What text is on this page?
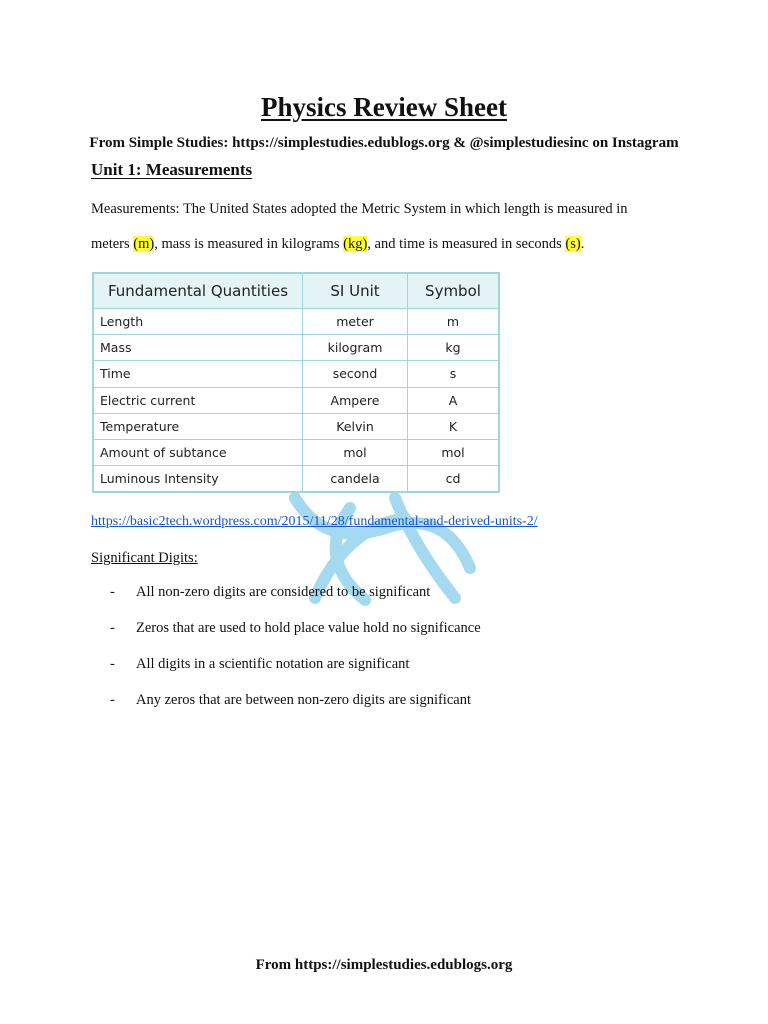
Physics Review Sheet
From Simple Studies: https://simplestudies.edublogs.org & @simplestudiesinc on Instagram
Unit 1: Measurements
Measurements: The United States adopted the Metric System in which length is measured in
meters (m), mass is measured in kilograms (kg), and time is measured in seconds (s).
Fundamental Quantities	SI Unit	Symbol
Length	meter	m
Mass	kilogram	kg
Time	second	s
Electric current	Ampere	A
Temperature	Kelvin	K
Amount of subtance	mol	mol
Luminous Intensity	candela	cd
https://basic2tech.wordpress.com/2015/11/28/fundamental-and-derived-units-2/
Significant Digits:
-	All non-zero digits are considered to be significant
-	Zeros that are used to hold place value hold no significance
-	All digits in a scientific notation are significant
-	Any zeros that are between non-zero digits are significant
From https://simplestudies.edublogs.org
